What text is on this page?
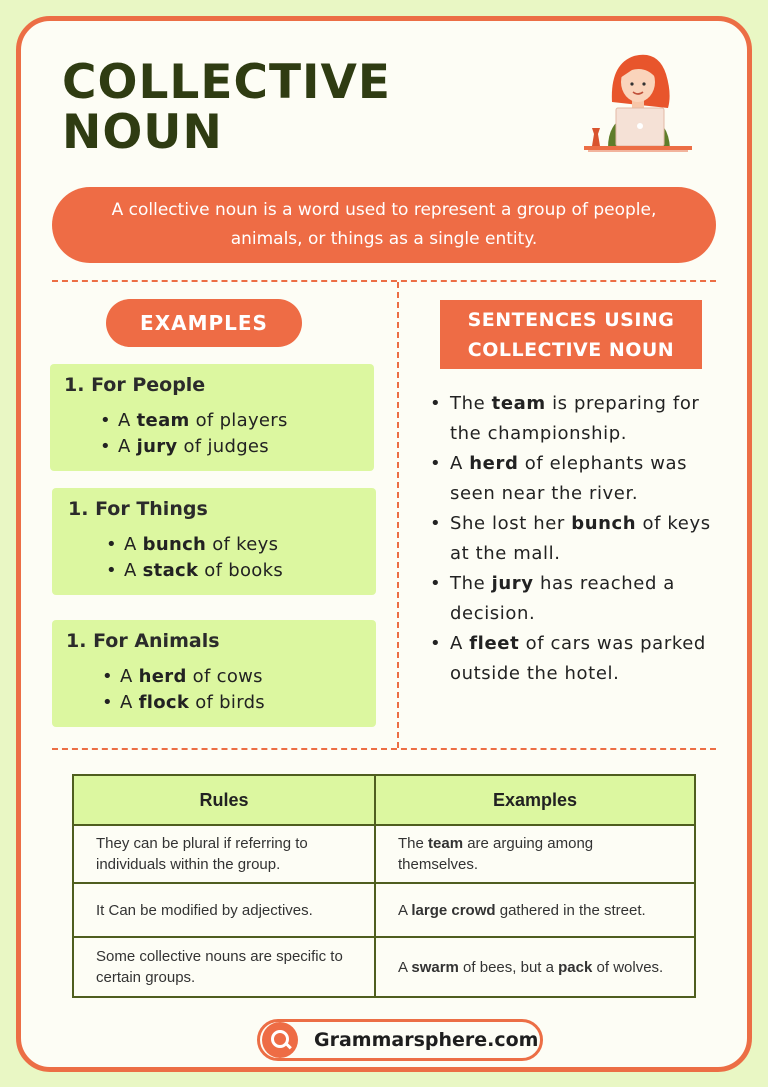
COLLECTIVE NOUN
A collective noun is a word used to represent a group of people, animals, or things as a single entity.
EXAMPLES	SENTENCES USING COLLECTIVE NOUN
1. For People
• A team of players
• A jury of judges
1. For Things
• A bunch of keys
• A stack of books
1. For Animals
• A herd of cows
• A flock of birds
• The team is preparing for the championship.
• A herd of elephants was seen near the river.
• She lost her bunch of keys at the mall.
• The jury has reached a decision.
• A fleet of cars was parked outside the hotel.
Rules	Examples
They can be plural if referring to individuals within the group.	The team are arguing among themselves.
It Can be modified by adjectives.	A large crowd gathered in the street.
Some collective nouns are specific to certain groups.	A swarm of bees, but a pack of wolves.
Grammarsphere.com
